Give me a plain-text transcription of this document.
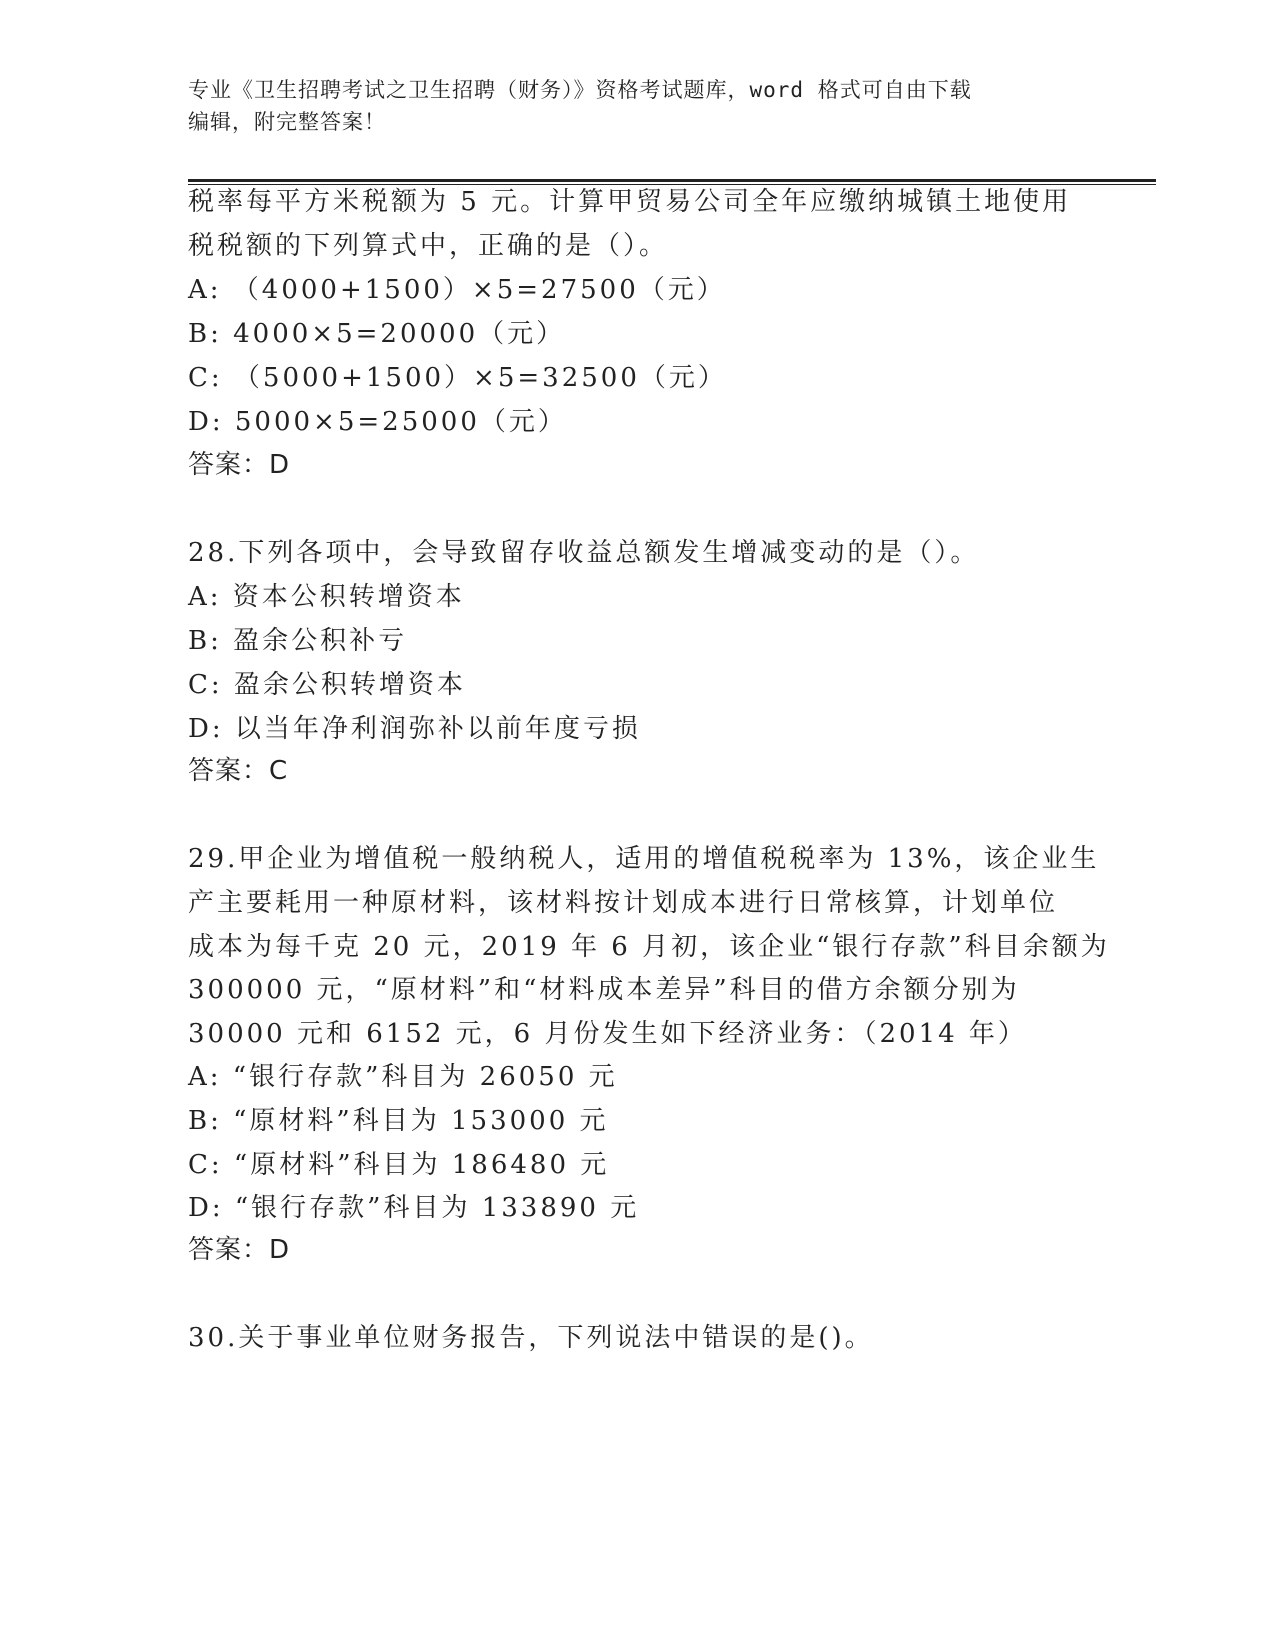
专业《卫生招聘考试之卫生招聘（财务）》资格考试题库，word 格式可自由下载
编辑，附完整答案！
税率每平方米税额为 5 元。计算甲贸易公司全年应缴纳城镇土地使用
税税额的下列算式中，正确的是（）。
A: （4000+1500）×5=27500（元）
B: 4000×5=20000（元）
C: （5000+1500）×5=32500（元）
D: 5000×5=25000（元）
答案：D
28.下列各项中，会导致留存收益总额发生增减变动的是（）。
A: 资本公积转增资本
B: 盈余公积补亏
C: 盈余公积转增资本
D: 以当年净利润弥补以前年度亏损
答案：C
29.甲企业为增值税一般纳税人，适用的增值税税率为 13%，该企业生
产主要耗用一种原材料，该材料按计划成本进行日常核算，计划单位
成本为每千克 20 元，2019 年 6 月初，该企业“银行存款”科目余额为
300000 元，“原材料”和“材料成本差异”科目的借方余额分别为
30000 元和 6152 元，6 月份发生如下经济业务：（2014 年）
A: “银行存款”科目为 26050 元
B: “原材料”科目为 153000 元
C: “原材料”科目为 186480 元
D: “银行存款”科目为 133890 元
答案：D
30.关于事业单位财务报告，下列说法中错误的是()。
